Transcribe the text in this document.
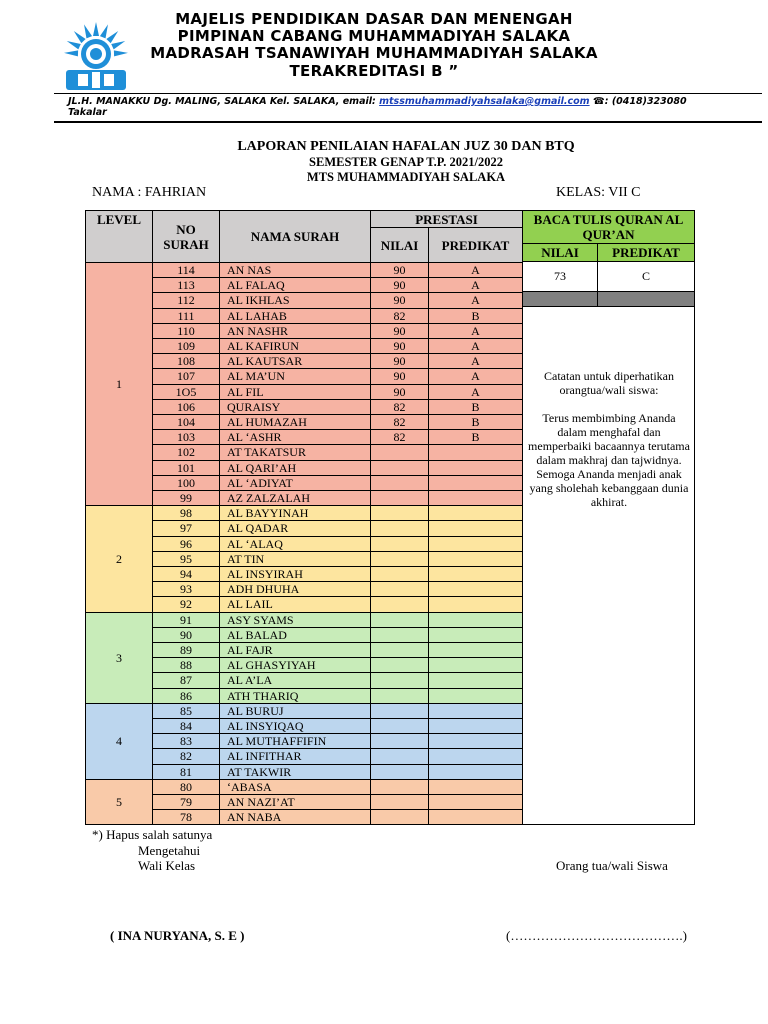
MAJELIS PENDIDIKAN DASAR DAN MENENGAH
PIMPINAN CABANG MUHAMMADIYAH SALAKA
MADRASAH TSANAWIYAH MUHAMMADIYAH SALAKA
TERAKREDITASI B ”
JL.H. MANAKKU Dg. MALING, SALAKA Kel. SALAKA, email: mtssmuhammadiyahsalaka@gmail.com ☎: (0418)323080
Takalar
LAPORAN PENILAIAN HAFALAN JUZ 30 DAN BTQ
SEMESTER GENAP T.P. 2021/2022
MTS MUHAMMADIYAH SALAKA
NAMA : FAHRIAN	KELAS: VII C
LEVEL
NO SURAH	NAMA SURAH
PRESTASI
NILAI	PREDIKAT
1
114	AN NAS	90	A
113	AL FALAQ	90	A
112	AL IKHLAS	90	A
111	AL LAHAB	82	B
110	AN NASHR	90	A
109	AL KAFIRUN	90	A
108	AL KAUTSAR	90	A
107	AL MA’UN	90	A
1O5	AL FIL	90	A
106	QURAISY	82	B
104	AL HUMAZAH	82	B
103	AL ‘ASHR	82	B
102	AT TAKATSUR
101	AL QARI’AH
100	AL ‘ADIYAT
99	AZ ZALZALAH
2
98	AL BAYYINAH
97	AL QADAR
96	AL ‘ALAQ
95	AT TIN
94	AL INSYIRAH
93	ADH DHUHA
92	AL LAIL
3
91	ASY SYAMS
90	AL BALAD
89	AL FAJR
88	AL GHASYIYAH
87	AL A’LA
86	ATH THARIQ
4
85	AL BURUJ
84	AL INSYIQAQ
83	AL MUTHAFFIFIN
82	AL INFITHAR
81	AT TAKWIR
5
80	‘ABASA
79	AN NAZI’AT
78	AN NABA
BACA TULIS QURAN AL QUR’AN
NILAI	PREDIKAT
73	C
Catatan untuk diperhatikan orangtua/wali siswa:

Terus membimbing Ananda dalam menghafal dan memperbaiki bacaannya terutama dalam makhraj dan tajwidnya.
Semoga Ananda menjadi anak yang sholehah kebanggaan dunia akhirat.
*) Hapus salah satunya
Mengetahui
Wali Kelas	Orang tua/wali Siswa
( INA NURYANA, S. E )	(………………………………….)
